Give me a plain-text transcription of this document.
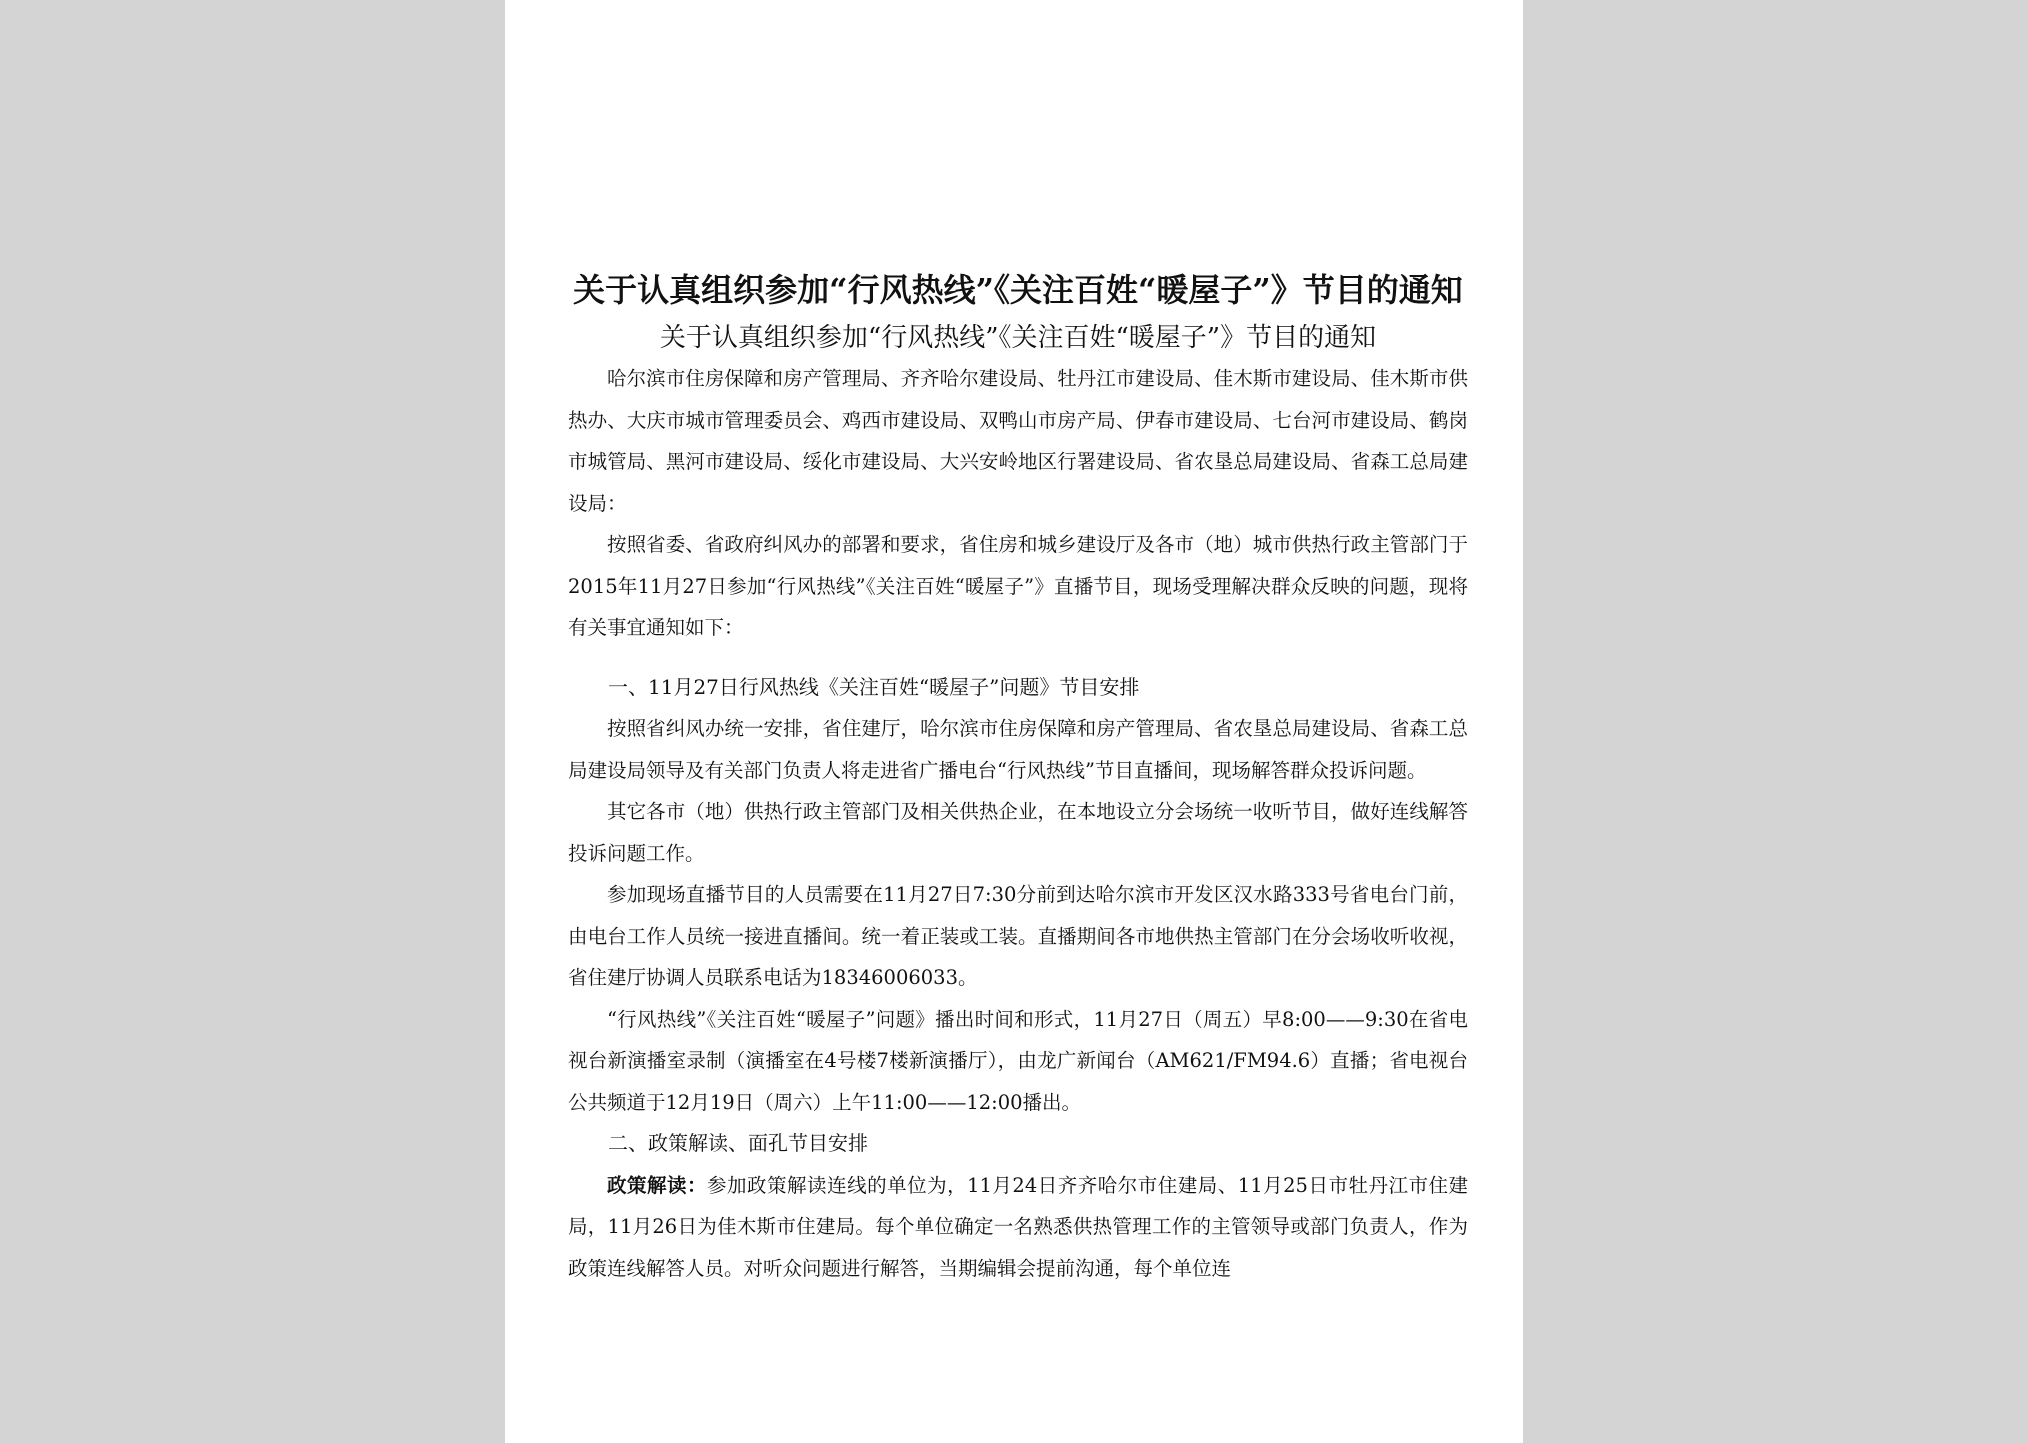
关于认真组织参加“行风热线”《关注百姓“暖屋子”》节目的通知

关于认真组织参加“行风热线”《关注百姓“暖屋子”》节目的通知

哈尔滨市住房保障和房产管理局、齐齐哈尔建设局、牡丹江市建设局、佳木斯市建设局、佳木斯市供热办、大庆市城市管理委员会、鸡西市建设局、双鸭山市房产局、伊春市建设局、七台河市建设局、鹤岗市城管局、黑河市建设局、绥化市建设局、大兴安岭地区行署建设局、省农垦总局建设局、省森工总局建设局：

按照省委、省政府纠风办的部署和要求，省住房和城乡建设厅及各市（地）城市供热行政主管部门于2015年11月27日参加“行风热线”《关注百姓“暖屋子”》直播节目，现场受理解决群众反映的问题，现将有关事宜通知如下：

一、11月27日行风热线《关注百姓“暖屋子”问题》节目安排

按照省纠风办统一安排，省住建厅，哈尔滨市住房保障和房产管理局、省农垦总局建设局、省森工总局建设局领导及有关部门负责人将走进省广播电台“行风热线”节目直播间，现场解答群众投诉问题。

其它各市（地）供热行政主管部门及相关供热企业，在本地设立分会场统一收听节目，做好连线解答投诉问题工作。

参加现场直播节目的人员需要在11月27日7:30分前到达哈尔滨市开发区汉水路333号省电台门前，由电台工作人员统一接进直播间。统一着正装或工装。直播期间各市地供热主管部门在分会场收听收视，省住建厅协调人员联系电话为18346006033。

“行风热线”《关注百姓“暖屋子”问题》播出时间和形式，11月27日（周五）早8:00——9:30在省电视台新演播室录制（演播室在4号楼7楼新演播厅），由龙广新闻台（AM621/FM94.6）直播；省电视台公共频道于12月19日（周六）上午11:00——12:00播出。

二、政策解读、面孔节目安排

政策解读：参加政策解读连线的单位为，11月24日齐齐哈尔市住建局、11月25日市牡丹江市住建局，11月26日为佳木斯市住建局。每个单位确定一名熟悉供热管理工作的主管领导或部门负责人，作为政策连线解答人员。对听众问题进行解答，当期编辑会提前沟通，每个单位连
